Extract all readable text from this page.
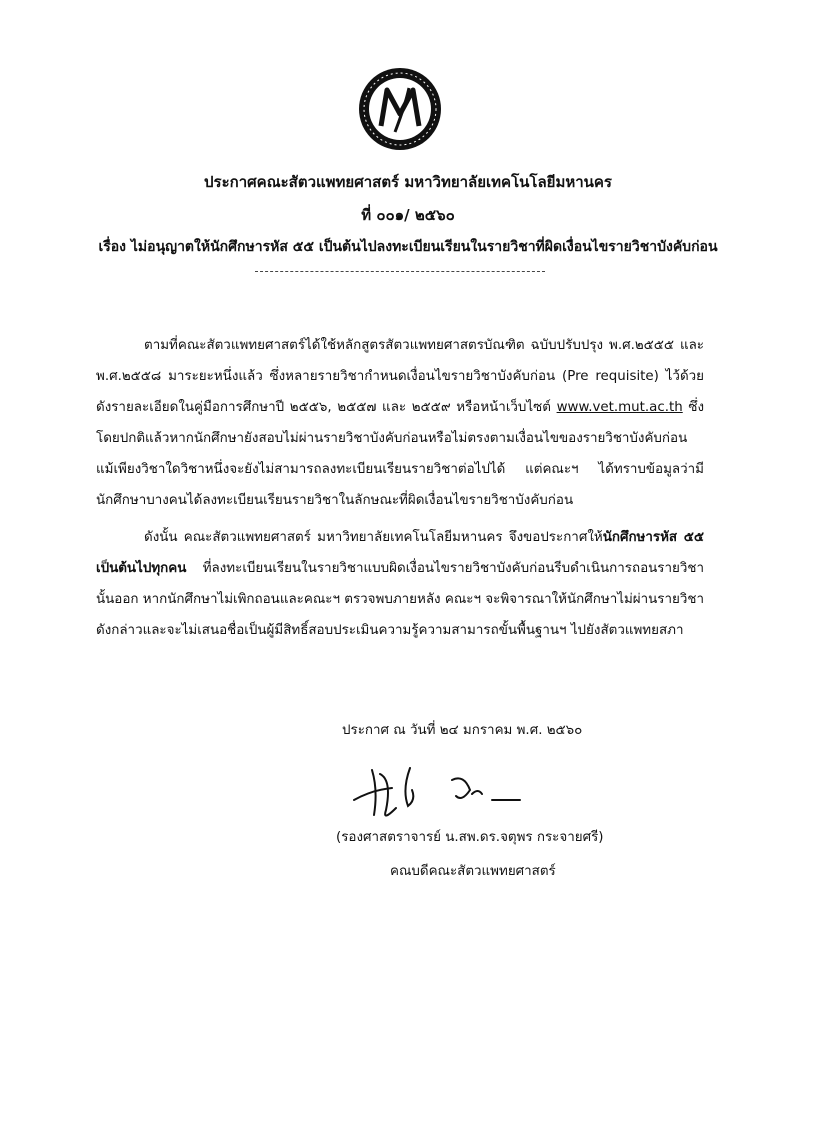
ประกาศคณะสัตวแพทยศาสตร์ มหาวิทยาลัยเทคโนโลยีมหานคร
ที่ ๐๐๑/ ๒๕๖๐
เรื่อง ไม่อนุญาตให้นักศึกษารหัส ๕๕ เป็นต้นไปลงทะเบียนเรียนในรายวิชาที่ผิดเงื่อนไขรายวิชาบังคับก่อน
ตามที่คณะสัตวแพทยศาสตร์ได้ใช้หลักสูตรสัตวแพทยศาสตรบัณฑิต ฉบับปรับปรุง พ.ศ.๒๕๕๕ และ พ.ศ.๒๕๕๘ มาระยะหนึ่งแล้ว ซึ่งหลายรายวิชากำหนดเงื่อนไขรายวิชาบังคับก่อน (Pre requisite) ไว้ด้วยดังรายละเอียดในคู่มือการศึกษาปี ๒๕๕๖, ๒๕๕๗ และ ๒๕๕๙ หรือหน้าเว็บไซต์ www.vet.mut.ac.th ซึ่งโดยปกติแล้วหากนักศึกษายังสอบไม่ผ่านรายวิชาบังคับก่อนหรือไม่ตรงตามเงื่อนไขของรายวิชาบังคับก่อนแม้เพียงวิชาใดวิชาหนึ่งจะยังไม่สามารถลงทะเบียนเรียนรายวิชาต่อไปได้ แต่คณะฯ ได้ทราบข้อมูลว่ามีนักศึกษาบางคนได้ลงทะเบียนเรียนรายวิชาในลักษณะที่ผิดเงื่อนไขรายวิชาบังคับก่อน
ดังนั้น คณะสัตวแพทยศาสตร์ มหาวิทยาลัยเทคโนโลยีมหานคร จึงขอประกาศให้นักศึกษารหัส ๕๕ เป็นต้นไปทุกคน ที่ลงทะเบียนเรียนในรายวิชาแบบผิดเงื่อนไขรายวิชาบังคับก่อนรีบดำเนินการถอนรายวิชานั้นออก หากนักศึกษาไม่เพิกถอนและคณะฯ ตรวจพบภายหลัง คณะฯ จะพิจารณาให้นักศึกษาไม่ผ่านรายวิชาดังกล่าวและจะไม่เสนอชื่อเป็นผู้มีสิทธิ์สอบประเมินความรู้ความสามารถขั้นพื้นฐานฯ ไปยังสัตวแพทยสภา
ประกาศ ณ วันที่ ๒๔ มกราคม พ.ศ. ๒๕๖๐
(รองศาสตราจารย์ น.สพ.ดร.จตุพร กระจายศรี)
คณบดีคณะสัตวแพทยศาสตร์
